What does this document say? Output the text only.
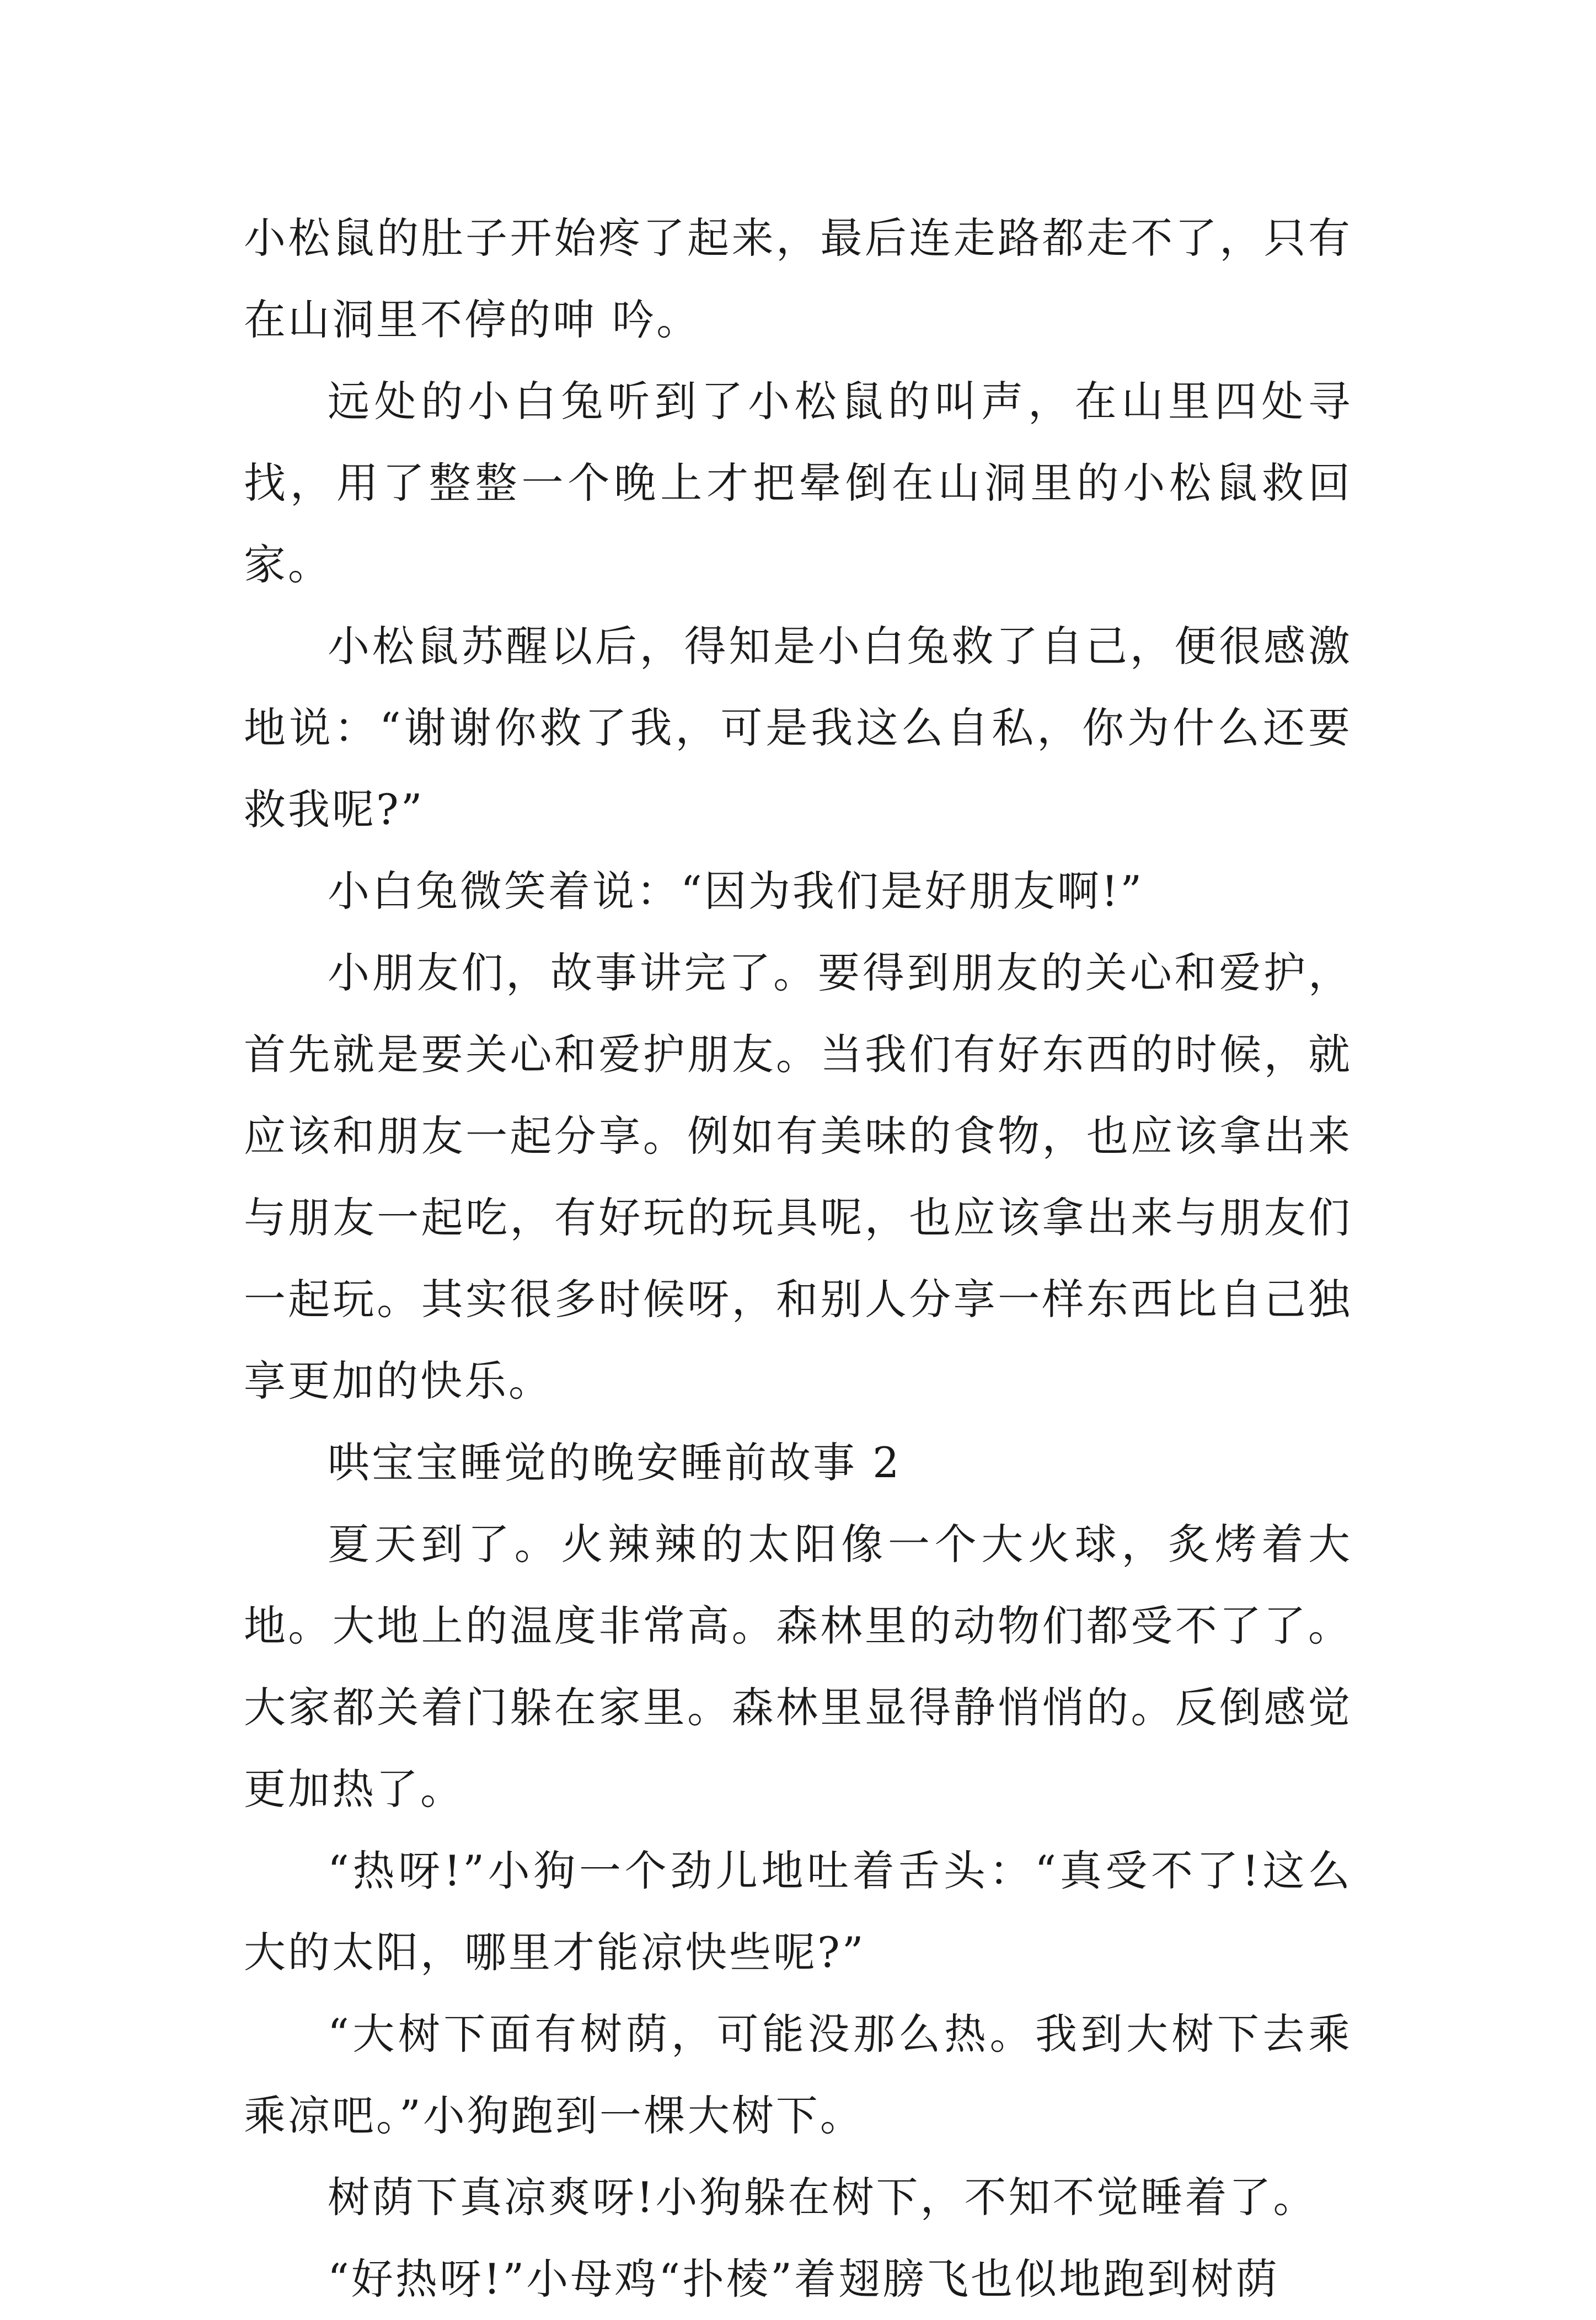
小松鼠的肚子开始疼了起来，最后连走路都走不了，只有在山洞里不停的呻 吟。

远处的小白兔听到了小松鼠的叫声，在山里四处寻找，用了整整一个晚上才把晕倒在山洞里的小松鼠救回家。

小松鼠苏醒以后，得知是小白兔救了自己，便很感激地说：“谢谢你救了我，可是我这么自私，你为什么还要救我呢?”

小白兔微笑着说：“因为我们是好朋友啊!”

小朋友们，故事讲完了。要得到朋友的关心和爱护，首先就是要关心和爱护朋友。当我们有好东西的时候，就应该和朋友一起分享。例如有美味的食物，也应该拿出来与朋友一起吃，有好玩的玩具呢，也应该拿出来与朋友们一起玩。其实很多时候呀，和别人分享一样东西比自己独享更加的快乐。

哄宝宝睡觉的晚安睡前故事 2

夏天到了。火辣辣的太阳像一个大火球，炙烤着大地。大地上的温度非常高。森林里的动物们都受不了了。大家都关着门躲在家里。森林里显得静悄悄的。反倒感觉更加热了。

“热呀!”小狗一个劲儿地吐着舌头：“真受不了!这么大的太阳，哪里才能凉快些呢?”

“大树下面有树荫，可能没那么热。我到大树下去乘乘凉吧。”小狗跑到一棵大树下。

树荫下真凉爽呀!小狗躲在树下，不知不觉睡着了。

“好热呀!”小母鸡“扑棱”着翅膀飞也似地跑到树荫
